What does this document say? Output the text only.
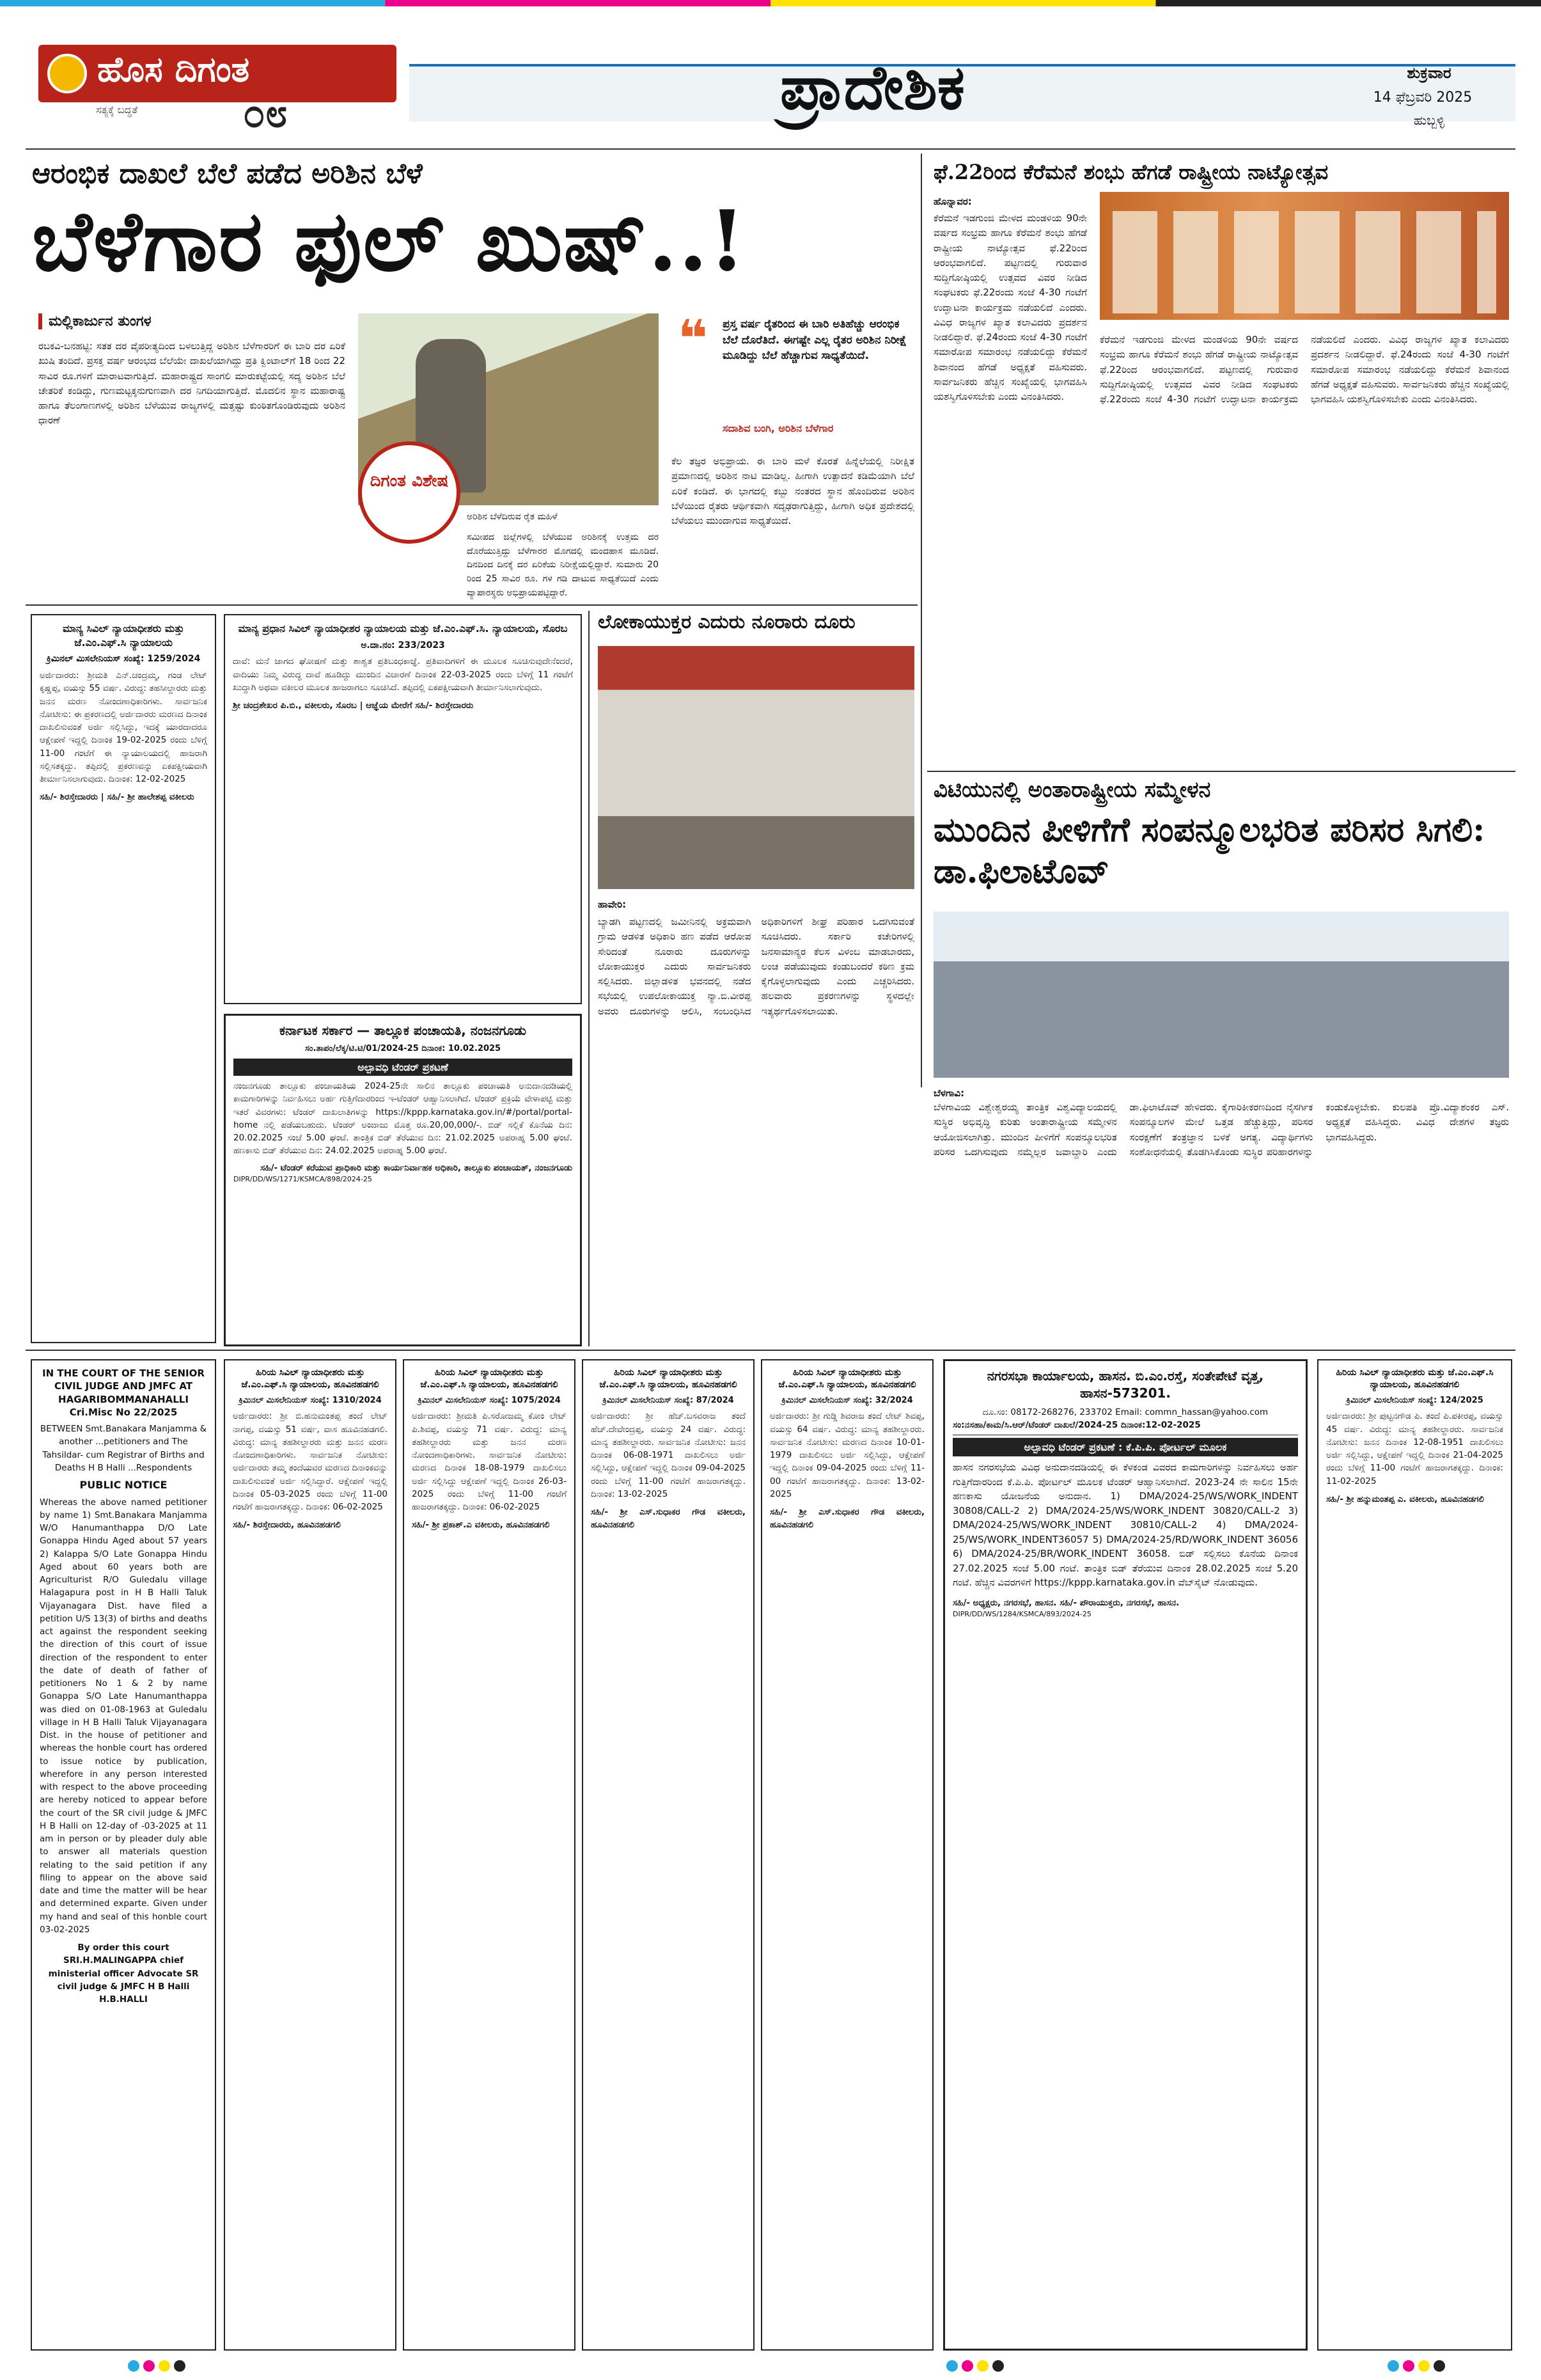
ಹೊಸ ದಿಗಂತ
ಸತ್ಯಕ್ಕೆ ಬದ್ಧತೆ	೦೮	ಪ್ರಾದೇಶಿಕ	ಶುಕ್ರವಾರ
14 ಫೆಬ್ರವರಿ 2025
ಹುಬ್ಬಳ್ಳಿ
ಆರಂಭಿಕ ದಾಖಲೆ ಬೆಲೆ ಪಡೆದ ಅರಿಶಿನ ಬೆಳೆ
ಬೆಳೆಗಾರ ಫುಲ್ ಖುಷ್..!
ಮಲ್ಲಿಕಾರ್ಜುನ ತುಂಗಳ
ರಬಕವಿ-ಬನಹಟ್ಟಿ: ಸತತ ದರ ವೈಪರೀತ್ಯದಿಂದ ಬಳಲುತ್ತಿದ್ದ ಅರಿಶಿನ ಬೆಳೆಗಾರರಿಗೆ ಈ ಬಾರಿ ದರ ಏರಿಕೆ ಖುಷಿ ತಂದಿದೆ. ಪ್ರಸಕ್ತ ವರ್ಷ ಆರಂಭದ ಬೆಲೆಯೇ ದಾಖಲೆಯಾಗಿದ್ದು ಪ್ರತಿ ಕ್ವಿಂಟಾಲ್‌ಗೆ 18 ರಿಂದ 22 ಸಾವಿರ ರೂ.ಗಳಿಗೆ ಮಾರಾಟವಾಗುತ್ತಿದೆ. ಮಹಾರಾಷ್ಟ್ರದ ಸಾಂಗಲಿ ಮಾರುಕಟ್ಟೆಯಲ್ಲಿ ಸದ್ಯ ಅರಿಶಿನ ಬೆಲೆ ಚೇತರಿಕೆ ಕಂಡಿದ್ದು, ಗುಣಮಟ್ಟಕ್ಕನುಗುಣವಾಗಿ ದರ ನಿಗದಿಯಾಗುತ್ತಿದೆ. ಮೊದಲಿನ ಸ್ಥಾನ ಮಹಾರಾಷ್ಟ್ರ ಹಾಗೂ ತೆಲಂಗಾಣಗಳಲ್ಲಿ ಅರಿಶಿನ ಬೆಳೆಯುವ ರಾಜ್ಯಗಳಲ್ಲಿ ಮತ್ತಷ್ಟು ಕುಂಠಿತಗೊಂಡಿರುವುದು ಅರಿಶಿನ ಧಾರಣೆ
ದಿಗಂತ ವಿಶೇಷ
ಅರಿಶಿನ ಬೆಳೆದಿರುವ ರೈತ ಮಹಿಳೆ
ಸಮೀಪದ ಜಿಲ್ಲೆಗಳಲ್ಲಿ ಬೆಳೆಯುವ ಅರಿಶಿನಕ್ಕೆ ಉತ್ತಮ ದರ ದೊರೆಯುತ್ತಿದ್ದು ಬೆಳೆಗಾರರ ಮೊಗದಲ್ಲಿ ಮಂದಹಾಸ ಮೂಡಿದೆ. ದಿನದಿಂದ ದಿನಕ್ಕೆ ದರ ಏರಿಕೆಯ ನಿರೀಕ್ಷೆಯಲ್ಲಿದ್ದಾರೆ. ಸುಮಾರು 20 ರಿಂದ 25 ಸಾವಿರ ರೂ. ಗಳ ಗಡಿ ದಾಟುವ ಸಾಧ್ಯತೆಯಿದೆ ಎಂದು ವ್ಯಾಪಾರಸ್ಥರು ಅಭಿಪ್ರಾಯಪಟ್ಟಿದ್ದಾರೆ.
❝ ಪ್ರಸ್ತ ವರ್ಷ ರೈತರಿಂದ ಈ ಬಾರಿ ಅತಿಹೆಚ್ಚು ಆರಂಭಿಕ ಬೆಲೆ ದೊರೆತಿದೆ. ಈಗಷ್ಟೇ ಎಲ್ಲ ರೈತರ ಅರಿಶಿನ ನಿರೀಕ್ಷೆ ಮೂಡಿದ್ದು ಬೆಲೆ ಹೆಚ್ಚಾಗುವ ಸಾಧ್ಯತೆಯಿದೆ.
ಸದಾಶಿವ ಬಂಗಿ, ಅರಿಶಿನ ಬೆಳೆಗಾರ
ಕೆಲ ತಜ್ಞರ ಅಭಿಪ್ರಾಯ. ಈ ಬಾರಿ ಮಳೆ ಕೊರತೆ ಹಿನ್ನೆಲೆಯಲ್ಲಿ ನಿರೀಕ್ಷಿತ ಪ್ರಮಾಣದಲ್ಲಿ ಅರಿಶಿನ ನಾಟಿ ಮಾಡಿಲ್ಲ. ಹೀಗಾಗಿ ಉತ್ಪಾದನೆ ಕಡಿಮೆಯಾಗಿ ಬೆಲೆ ಏರಿಕೆ ಕಂಡಿದೆ. ಈ ಭಾಗದಲ್ಲಿ ಕಬ್ಬು ನಂತರದ ಸ್ಥಾನ ಹೊಂದಿರುವ ಅರಿಶಿನ ಬೆಳೆಯಿಂದ ರೈತರು ಆರ್ಥಿಕವಾಗಿ ಸದೃಢರಾಗುತ್ತಿದ್ದು, ಹೀಗಾಗಿ ಅಧಿಕ ಪ್ರದೇಶದಲ್ಲಿ ಬೆಳೆಯಲು ಮುಂದಾಗುವ ಸಾಧ್ಯತೆಯಿದೆ.
ಫೆ.22ರಿಂದ ಕೆರೆಮನೆ ಶಂಭು ಹೆಗಡೆ ರಾಷ್ಟ್ರೀಯ ನಾಟ್ಯೋತ್ಸವ
ಹೊನ್ನಾವರ:
ಕೆರೆಮನೆ ಇಡಗುಂಜಿ ಮೇಳದ ಮಂಡಳಿಯ 90ನೇ ವರ್ಷದ ಸಂಭ್ರಮ ಹಾಗೂ ಕೆರೆಮನೆ ಶಂಭು ಹೆಗಡೆ ರಾಷ್ಟ್ರೀಯ ನಾಟ್ಯೋತ್ಸವ ಫೆ.22ರಿಂದ ಆರಂಭವಾಗಲಿದೆ. ಪಟ್ಟಣದಲ್ಲಿ ಗುರುವಾರ ಸುದ್ದಿಗೋಷ್ಠಿಯಲ್ಲಿ ಉತ್ಸವದ ವಿವರ ನೀಡಿದ ಸಂಘಟಕರು ಫೆ.22ರಂದು ಸಂಜೆ 4-30 ಗಂಟೆಗೆ ಉದ್ಘಾಟನಾ ಕಾರ್ಯಕ್ರಮ ನಡೆಯಲಿದೆ ಎಂದರು. ವಿವಿಧ ರಾಜ್ಯಗಳ ಖ್ಯಾತ ಕಲಾವಿದರು ಪ್ರದರ್ಶನ ನೀಡಲಿದ್ದಾರೆ. ಫೆ.24ರಂದು ಸಂಜೆ 4-30 ಗಂಟೆಗೆ ಸಮಾರೋಪ ಸಮಾರಂಭ ನಡೆಯಲಿದ್ದು ಕೆರೆಮನೆ ಶಿವಾನಂದ ಹೆಗಡೆ ಅಧ್ಯಕ್ಷತೆ ವಹಿಸುವರು. ಸಾರ್ವಜನಿಕರು ಹೆಚ್ಚಿನ ಸಂಖ್ಯೆಯಲ್ಲಿ ಭಾಗವಹಿಸಿ ಯಶಸ್ವಿಗೊಳಿಸಬೇಕು ಎಂದು ವಿನಂತಿಸಿದರು.
ಕೆರೆಮನೆ ಇಡಗುಂಜಿ ಮೇಳದ ಮಂಡಳಿಯ 90ನೇ ವರ್ಷದ ಸಂಭ್ರಮ ಹಾಗೂ ಕೆರೆಮನೆ ಶಂಭು ಹೆಗಡೆ ರಾಷ್ಟ್ರೀಯ ನಾಟ್ಯೋತ್ಸವ ಫೆ.22ರಿಂದ ಆರಂಭವಾಗಲಿದೆ. ಪಟ್ಟಣದಲ್ಲಿ ಗುರುವಾರ ಸುದ್ದಿಗೋಷ್ಠಿಯಲ್ಲಿ ಉತ್ಸವದ ವಿವರ ನೀಡಿದ ಸಂಘಟಕರು ಫೆ.22ರಂದು ಸಂಜೆ 4-30 ಗಂಟೆಗೆ ಉದ್ಘಾಟನಾ ಕಾರ್ಯಕ್ರಮ ನಡೆಯಲಿದೆ ಎಂದರು. ವಿವಿಧ ರಾಜ್ಯಗಳ ಖ್ಯಾತ ಕಲಾವಿದರು ಪ್ರದರ್ಶನ ನೀಡಲಿದ್ದಾರೆ. ಫೆ.24ರಂದು ಸಂಜೆ 4-30 ಗಂಟೆಗೆ ಸಮಾರೋಪ ಸಮಾರಂಭ ನಡೆಯಲಿದ್ದು ಕೆರೆಮನೆ ಶಿವಾನಂದ ಹೆಗಡೆ ಅಧ್ಯಕ್ಷತೆ ವಹಿಸುವರು. ಸಾರ್ವಜನಿಕರು ಹೆಚ್ಚಿನ ಸಂಖ್ಯೆಯಲ್ಲಿ ಭಾಗವಹಿಸಿ ಯಶಸ್ವಿಗೊಳಿಸಬೇಕು ಎಂದು ವಿನಂತಿಸಿದರು.
ವಿಟಿಯುನಲ್ಲಿ ಅಂತಾರಾಷ್ಟ್ರೀಯ ಸಮ್ಮೇಳನ
ಮುಂದಿನ ಪೀಳಿಗೆಗೆ ಸಂಪನ್ಮೂಲಭರಿತ ಪರಿಸರ ಸಿಗಲಿ: ಡಾ.ಫಿಲಾಟೊವ್
ಬೆಳಗಾವಿ:
ಬೆಳಗಾವಿಯ ವಿಶ್ವೇಶ್ವರಯ್ಯ ತಾಂತ್ರಿಕ ವಿಶ್ವವಿದ್ಯಾಲಯದಲ್ಲಿ ಸುಸ್ಥಿರ ಅಭಿವೃದ್ಧಿ ಕುರಿತು ಅಂತಾರಾಷ್ಟ್ರೀಯ ಸಮ್ಮೇಳನ ಆಯೋಜಿಸಲಾಗಿತ್ತು. ಮುಂದಿನ ಪೀಳಿಗೆಗೆ ಸಂಪನ್ಮೂಲಭರಿತ ಪರಿಸರ ಒದಗಿಸುವುದು ನಮ್ಮೆಲ್ಲರ ಜವಾಬ್ದಾರಿ ಎಂದು ಡಾ.ಫಿಲಾಟೊವ್ ಹೇಳಿದರು. ಕೈಗಾರಿಕೀಕರಣದಿಂದ ನೈಸರ್ಗಿಕ ಸಂಪನ್ಮೂಲಗಳ ಮೇಲೆ ಒತ್ತಡ ಹೆಚ್ಚುತ್ತಿದ್ದು, ಪರಿಸರ ಸಂರಕ್ಷಣೆಗೆ ತಂತ್ರಜ್ಞಾನ ಬಳಕೆ ಅಗತ್ಯ. ವಿದ್ಯಾರ್ಥಿಗಳು ಸಂಶೋಧನೆಯಲ್ಲಿ ತೊಡಗಿಸಿಕೊಂಡು ಸುಸ್ಥಿರ ಪರಿಹಾರಗಳನ್ನು ಕಂಡುಕೊಳ್ಳಬೇಕು. ಕುಲಪತಿ ಪ್ರೊ.ವಿದ್ಯಾಶಂಕರ ಎಸ್. ಅಧ್ಯಕ್ಷತೆ ವಹಿಸಿದ್ದರು. ವಿವಿಧ ದೇಶಗಳ ತಜ್ಞರು ಭಾಗವಹಿಸಿದ್ದರು.
ಮಾನ್ಯ ಸಿವಿಲ್ ನ್ಯಾಯಾಧೀಶರು ಮತ್ತು ಜೆ.ಎಂ.ಎಫ್.ಸಿ ನ್ಯಾಯಾಲಯ
ಕ್ರಿಮಿನಲ್ ಮಿಸಲೇನಿಯಸ್ ಸಂಖ್ಯೆ: 1259/2024
ಅರ್ಜಿದಾರರು: ಶ್ರೀಮತಿ ಎನ್.ಚಂದ್ರಮ್ಮ, ಗಂಡ ಲೇಟ್ ಕೃಷ್ಣಪ್ಪ, ವಯಸ್ಸು 55 ವರ್ಷ. ವಿರುದ್ಧ: ತಹಸೀಲ್ದಾರರು ಮತ್ತು ಜನನ ಮರಣ ನೋಂದಣಾಧಿಕಾರಿಗಳು. ಸಾರ್ವಜನಿಕ ನೋಟೀಸು: ಈ ಪ್ರಕರಣದಲ್ಲಿ ಅರ್ಜಿದಾರರು ಮರಣದ ದಿನಾಂಕ ದಾಖಲಿಸುವಂತೆ ಅರ್ಜಿ ಸಲ್ಲಿಸಿದ್ದು, ಇದಕ್ಕೆ ಯಾರದಾದರೂ ಆಕ್ಷೇಪಣೆ ಇದ್ದಲ್ಲಿ ದಿನಾಂಕ 19-02-2025 ರಂದು ಬೆಳಿಗ್ಗೆ 11-00 ಗಂಟೆಗೆ ಈ ನ್ಯಾಯಾಲಯದಲ್ಲಿ ಹಾಜರಾಗಿ ಸಲ್ಲಿಸತಕ್ಕದ್ದು. ತಪ್ಪಿದಲ್ಲಿ ಪ್ರಕರಣವನ್ನು ಏಕಪಕ್ಷೀಯವಾಗಿ ತೀರ್ಮಾನಿಸಲಾಗುವುದು. ದಿನಾಂಕ: 12-02-2025
ಸಹಿ/- ಶಿರಸ್ತೇದಾರರು | ಸಹಿ/- ಶ್ರೀ ಹಾಲೇಶಪ್ಪ ವಕೀಲರು
ಮಾನ್ಯ ಪ್ರಧಾನ ಸಿವಿಲ್ ನ್ಯಾಯಾಧೀಶರ ನ್ಯಾಯಾಲಯ ಮತ್ತು ಜೆ.ಎಂ.ಎಫ್.ಸಿ. ನ್ಯಾಯಾಲಯ, ಸೊರಬ
ಅ.ದಾ.ನಂ: 233/2023
ದಾವೆ: ಮನೆ ಜಾಗದ ಘೋಷಣೆ ಮತ್ತು ಶಾಶ್ವತ ಪ್ರತಿಬಂಧಕಾಜ್ಞೆ. ಪ್ರತಿವಾದಿಗಳಿಗೆ ಈ ಮೂಲಕ ಸೂಚಿಸುವುದೇನೆಂದರೆ, ವಾದಿಯು ನಿಮ್ಮ ವಿರುದ್ಧ ದಾವೆ ಹೂಡಿದ್ದು ಮುಂದಿನ ವಿಚಾರಣೆ ದಿನಾಂಕ 22-03-2025 ರಂದು ಬೆಳಿಗ್ಗೆ 11 ಗಂಟೆಗೆ ಖುದ್ದಾಗಿ ಅಥವಾ ವಕೀಲರ ಮೂಲಕ ಹಾಜರಾಗಲು ಸೂಚಿಸಿದೆ. ತಪ್ಪಿದಲ್ಲಿ ಏಕಪಕ್ಷೀಯವಾಗಿ ತೀರ್ಮಾನಿಸಲಾಗುವುದು.
ಶ್ರೀ ಚಂದ್ರಶೇಖರ ಪಿ.ಬಿ., ವಕೀಲರು, ಸೊರಬ | ಆಜ್ಞೆಯ ಮೇರೆಗೆ ಸಹಿ/- ಶಿರಸ್ತೇದಾರರು
ಕರ್ನಾಟಕ ಸರ್ಕಾರ — ತಾಲ್ಲೂಕ ಪಂಚಾಯತಿ, ನಂಜನಗೂಡು
ಸಂ.ತಾಪಂ/ಲೆಕ್ಕ/ಟಿ.ಟಿ/01/2024-25 ದಿನಾಂಕ: 10.02.2025
ಅಲ್ಪಾವಧಿ ಟೆಂಡರ್ ಪ್ರಕಟಣೆ
ನಂಜನಗೂಡು ತಾಲ್ಲೂಕು ಪಂಚಾಯತಿಯ 2024-25ನೇ ಸಾಲಿನ ತಾಲ್ಲೂಕು ಪಂಚಾಯತಿ ಅನುದಾನದಡಿಯಲ್ಲಿ ಕಾಮಗಾರಿಗಳನ್ನು ನಿರ್ವಹಿಸಲು ಅರ್ಹ ಗುತ್ತಿಗೆದಾರರಿಂದ ಇ-ಟೆಂಡರ್ ಆಹ್ವಾನಿಸಲಾಗಿದೆ. ಟೆಂಡರ್ ಪ್ರಕ್ರಿಯೆ ವೇಳಾಪಟ್ಟಿ ಮತ್ತು ಇತರೆ ವಿವರಗಳು: ಟೆಂಡರ್ ದಾಖಲಾತಿಗಳನ್ನು https://kppp.karnataka.gov.in/#/portal/portal-home ನಲ್ಲಿ ಪಡೆಯಬಹುದು. ಟೆಂಡರ್ ಅಂದಾಜು ಮೊತ್ತ ರೂ.20,00,000/-. ಬಿಡ್ ಸಲ್ಲಿಕೆ ಕೊನೆಯ ದಿನ: 20.02.2025 ಸಂಜೆ 5.00 ಘಂಟೆ. ತಾಂತ್ರಿಕ ಬಿಡ್ ತೆರೆಯುವ ದಿನ: 21.02.2025 ಅಪರಾಹ್ನ 5.00 ಘಂಟೆ. ಹಣಕಾಸು ಬಿಡ್ ತೆರೆಯುವ ದಿನ: 24.02.2025 ಅಪರಾಹ್ನ 5.00 ಘಂಟೆ.
ಸಹಿ/- ಟೆಂಡರ್ ಕರೆಯುವ ಪ್ರಾಧಿಕಾರಿ ಮತ್ತು ಕಾರ್ಯನಿರ್ವಾಹಕ ಅಧಿಕಾರಿ, ತಾಲ್ಲೂಕು ಪಂಚಾಯತ್, ನಂಜನಗೂಡು
DIPR/DD/WS/1271/KSMCA/898/2024-25
ಲೋಕಾಯುಕ್ತರ ಎದುರು ನೂರಾರು ದೂರು
ಹಾವೇರಿ:
ಬ್ಯಾಡಗಿ ಪಟ್ಟಣದಲ್ಲಿ ಜಮೀನಿನಲ್ಲಿ ಅಕ್ರಮವಾಗಿ ಗ್ರಾಮ ಆಡಳಿತ ಅಧಿಕಾರಿ ಹಣ ಪಡೆದ ಆರೋಪ ಸೇರಿದಂತೆ ನೂರಾರು ದೂರುಗಳನ್ನು ಲೋಕಾಯುಕ್ತರ ಎದುರು ಸಾರ್ವಜನಿಕರು ಸಲ್ಲಿಸಿದರು. ಜಿಲ್ಲಾಡಳಿತ ಭವನದಲ್ಲಿ ನಡೆದ ಸಭೆಯಲ್ಲಿ ಉಪಲೋಕಾಯುಕ್ತ ನ್ಯಾ.ಬಿ.ವೀರಪ್ಪ ಅವರು ದೂರುಗಳನ್ನು ಆಲಿಸಿ, ಸಂಬಂಧಿಸಿದ ಅಧಿಕಾರಿಗಳಿಗೆ ಶೀಘ್ರ ಪರಿಹಾರ ಒದಗಿಸುವಂತೆ ಸೂಚಿಸಿದರು. ಸರ್ಕಾರಿ ಕಚೇರಿಗಳಲ್ಲಿ ಜನಸಾಮಾನ್ಯರ ಕೆಲಸ ವಿಳಂಬ ಮಾಡಬಾರದು, ಲಂಚ ಪಡೆಯುವುದು ಕಂಡುಬಂದರೆ ಕಠಿಣ ಕ್ರಮ ಕೈಗೊಳ್ಳಲಾಗುವುದು ಎಂದು ಎಚ್ಚರಿಸಿದರು. ಹಲವಾರು ಪ್ರಕರಣಗಳನ್ನು ಸ್ಥಳದಲ್ಲೇ ಇತ್ಯರ್ಥಗೊಳಿಸಲಾಯಿತು.
IN THE COURT OF THE SENIOR CIVIL JUDGE AND JMFC AT HAGARIBOMMANAHALLI Cri.Misc No 22/2025
BETWEEN Smt.Banakara Manjamma & another ...petitioners and The Tahsildar- cum Registrar of Births and Deaths H B Halli ...Respondents
PUBLIC NOTICE
Whereas the above named petitioner by name 1) Smt.Banakara Manjamma W/O Hanumanthappa D/O Late Gonappa Hindu Aged about 57 years 2) Kalappa S/O Late Gonappa Hindu Aged about 60 years both are Agriculturist R/O Guledalu village Halagapura post in H B Halli Taluk Vijayanagara Dist. have filed a petition U/S 13(3) of births and deaths act against the respondent seeking the direction of this court of issue direction of the respondent to enter the date of death of father of petitioners No 1 & 2 by name Gonappa S/O Late Hanumanthappa was died on 01-08-1963 at Guledalu village in H B Halli Taluk Vijayanagara Dist. in the house of petitioner and whereas the honble court has ordered to issue notice by publication, wherefore in any person interested with respect to the above proceeding are hereby noticed to appear before the court of the SR civil judge & JMFC H B Halli on 12-day of -03-2025 at 11 am in person or by pleader duly able to answer all materials question relating to the said petition if any filing to appear on the above said date and time the matter will be hear and determined exparte. Given under my hand and seal of this honble court 03-02-2025
By order this court SRI.H.MALINGAPPA chief ministerial officer Advocate SR civil judge & JMFC H B Halli H.B.HALLI
ಹಿರಿಯ ಸಿವಿಲ್ ನ್ಯಾಯಾಧೀಶರು ಮತ್ತು ಜೆ.ಎಂ.ಎಫ್.ಸಿ ನ್ಯಾಯಾಲಯ, ಹೂವಿನಹಡಗಲಿ
ಕ್ರಿಮಿನಲ್ ಮಿಸಲೇನಿಯಸ್ ಸಂಖ್ಯೆ: 1310/2024
ಅರ್ಜಿದಾರರು: ಶ್ರೀ ಬಿ.ಹನುಮಂತಪ್ಪ ತಂದೆ ಲೇಟ್ ನಾಗಪ್ಪ, ವಯಸ್ಸು 51 ವರ್ಷ, ವಾಸ ಹೂವಿನಹಡಗಲಿ. ವಿರುದ್ಧ: ಮಾನ್ಯ ತಹಶೀಲ್ದಾರರು ಮತ್ತು ಜನನ ಮರಣ ನೋಂದಣಾಧಿಕಾರಿಗಳು. ಸಾರ್ವಜನಿಕ ನೋಟೀಸು: ಅರ್ಜಿದಾರರು ತಮ್ಮ ತಂದೆಯವರ ಮರಣದ ದಿನಾಂಕವನ್ನು ದಾಖಲಿಸುವಂತೆ ಅರ್ಜಿ ಸಲ್ಲಿಸಿದ್ದಾರೆ. ಆಕ್ಷೇಪಣೆ ಇದ್ದಲ್ಲಿ ದಿನಾಂಕ 05-03-2025 ರಂದು ಬೆಳಿಗ್ಗೆ 11-00 ಗಂಟೆಗೆ ಹಾಜರಾಗತಕ್ಕದ್ದು. ದಿನಾಂಕ: 06-02-2025
ಸಹಿ/- ಶಿರಸ್ತೇದಾರರು, ಹೂವಿನಹಡಗಲಿ
ಹಿರಿಯ ಸಿವಿಲ್ ನ್ಯಾಯಾಧೀಶರು ಮತ್ತು ಜೆ.ಎಂ.ಎಫ್.ಸಿ ನ್ಯಾಯಾಲಯ, ಹೂವಿನಹಡಗಲಿ
ಕ್ರಿಮಿನಲ್ ಮಿಸಲೇನಿಯಸ್ ಸಂಖ್ಯೆ: 1075/2024
ಅರ್ಜಿದಾರರು: ಶ್ರೀಮತಿ ಪಿ.ಸರೋಜಮ್ಮ ಕೋಂ ಲೇಟ್ ಪಿ.ಶಿವಪ್ಪ, ವಯಸ್ಸು 71 ವರ್ಷ. ವಿರುದ್ಧ: ಮಾನ್ಯ ತಹಶೀಲ್ದಾರರು ಮತ್ತು ಜನನ ಮರಣ ನೋಂದಣಾಧಿಕಾರಿಗಳು. ಸಾರ್ವಜನಿಕ ನೋಟೀಸು: ಮರಣದ ದಿನಾಂಕ 18-08-1979 ದಾಖಲಿಸಲು ಅರ್ಜಿ ಸಲ್ಲಿಸಿದ್ದು ಆಕ್ಷೇಪಣೆ ಇದ್ದಲ್ಲಿ ದಿನಾಂಕ 26-03-2025 ರಂದು ಬೆಳಿಗ್ಗೆ 11-00 ಗಂಟೆಗೆ ಹಾಜರಾಗತಕ್ಕದ್ದು. ದಿನಾಂಕ: 06-02-2025
ಸಹಿ/- ಶ್ರೀ ಪ್ರಕಾಶ್.ಎ ವಕೀಲರು, ಹೂವಿನಹಡಗಲಿ
ಹಿರಿಯ ಸಿವಿಲ್ ನ್ಯಾಯಾಧೀಶರು ಮತ್ತು ಜೆ.ಎಂ.ಎಫ್.ಸಿ ನ್ಯಾಯಾಲಯ, ಹೂವಿನಹಡಗಲಿ
ಕ್ರಿಮಿನಲ್ ಮಿಸಲೇನಿಯಸ್ ಸಂಖ್ಯೆ: 87/2024
ಅರ್ಜಿದಾರರು: ಶ್ರೀ ಹೆಚ್.ಬಸವರಾಜ ತಂದೆ ಹೆಚ್.ದೇವೇಂದ್ರಪ್ಪ, ವಯಸ್ಸು 24 ವರ್ಷ. ವಿರುದ್ಧ: ಮಾನ್ಯ ತಹಶೀಲ್ದಾರರು. ಸಾರ್ವಜನಿಕ ನೋಟೀಸು: ಜನನ ದಿನಾಂಕ 06-08-1971 ದಾಖಲಿಸಲು ಅರ್ಜಿ ಸಲ್ಲಿಸಿದ್ದು, ಆಕ್ಷೇಪಣೆ ಇದ್ದಲ್ಲಿ ದಿನಾಂಕ 09-04-2025 ರಂದು ಬೆಳಿಗ್ಗೆ 11-00 ಗಂಟೆಗೆ ಹಾಜರಾಗತಕ್ಕದ್ದು. ದಿನಾಂಕ: 13-02-2025
ಸಹಿ/- ಶ್ರೀ ಎಸ್.ಸುಧಾಕರ ಗೌಡ ವಕೀಲರು, ಹೂವಿನಹಡಗಲಿ
ಹಿರಿಯ ಸಿವಿಲ್ ನ್ಯಾಯಾಧೀಶರು ಮತ್ತು ಜೆ.ಎಂ.ಎಫ್.ಸಿ ನ್ಯಾಯಾಲಯ, ಹೂವಿನಹಡಗಲಿ
ಕ್ರಿಮಿನಲ್ ಮಿಸಲೇನಿಯಸ್ ಸಂಖ್ಯೆ: 32/2024
ಅರ್ಜಿದಾರರು: ಶ್ರೀ ಗುಡ್ಡಿ ಶಿವರಾಜ ತಂದೆ ಲೇಟ್ ಶಿವಪ್ಪ, ವಯಸ್ಸು 64 ವರ್ಷ. ವಿರುದ್ಧ: ಮಾನ್ಯ ತಹಶೀಲ್ದಾರರು. ಸಾರ್ವಜನಿಕ ನೋಟೀಸು: ಮರಣದ ದಿನಾಂಕ 10-01-1979 ದಾಖಲಿಸಲು ಅರ್ಜಿ ಸಲ್ಲಿಸಿದ್ದು, ಆಕ್ಷೇಪಣೆ ಇದ್ದಲ್ಲಿ ದಿನಾಂಕ 09-04-2025 ರಂದು ಬೆಳಿಗ್ಗೆ 11-00 ಗಂಟೆಗೆ ಹಾಜರಾಗತಕ್ಕದ್ದು. ದಿನಾಂಕ: 13-02-2025
ಸಹಿ/- ಶ್ರೀ ಎಸ್.ಸುಧಾಕರ ಗೌಡ ವಕೀಲರು, ಹೂವಿನಹಡಗಲಿ
ನಗರಸಭಾ ಕಾರ್ಯಾಲಯ, ಹಾಸನ. ಬಿ.ಎಂ.ರಸ್ತೆ, ಸಂತೇಪೇಟೆ ವೃತ್ತ, ಹಾಸನ-573201.
ದೂ.ಸಂ: 08172-268276, 233702 Email: commn_hassan@yahoo.com
ಸಂ:ನಸಹಾ/ಕಾಮ/ಸಿ.ಆರ್/ಟೆಂಡರ್ ದಾಖಲೆ/2024-25 ದಿನಾಂಕ:12-02-2025
ಅಲ್ಪಾವಧಿ ಟೆಂಡರ್ ಪ್ರಕಟಣೆ : ಕೆ.ಪಿ.ಪಿ. ಪೋರ್ಟಲ್ ಮೂಲಕ
ಹಾಸನ ನಗರಸಭೆಯ ವಿವಿಧ ಅನುದಾನದಡಿಯಲ್ಲಿ ಈ ಕೆಳಕಂಡ ವಿವರದ ಕಾಮಗಾರಿಗಳನ್ನು ನಿರ್ವಹಿಸಲು ಅರ್ಹ ಗುತ್ತಿಗೆದಾರರಿಂದ ಕೆ.ಪಿ.ಪಿ. ಪೋರ್ಟಲ್ ಮೂಲಕ ಟೆಂಡರ್ ಆಹ್ವಾನಿಸಲಾಗಿದೆ. 2023-24 ನೇ ಸಾಲಿನ 15ನೇ ಹಣಕಾಸು ಯೋಜನೆಯ ಅನುದಾನ. 1) DMA/2024-25/WS/WORK_INDENT 30808/CALL-2 2) DMA/2024-25/WS/WORK_INDENT 30820/CALL-2 3) DMA/2024-25/WS/WORK_INDENT 30810/CALL-2 4) DMA/2024-25/WS/WORK_INDENT36057 5) DMA/2024-25/RD/WORK_INDENT 36056 6) DMA/2024-25/BR/WORK_INDENT 36058. ಬಿಡ್ ಸಲ್ಲಿಸಲು ಕೊನೆಯ ದಿನಾಂಕ 27.02.2025 ಸಂಜೆ 5.00 ಗಂಟೆ. ತಾಂತ್ರಿಕ ಬಿಡ್ ತೆರೆಯುವ ದಿನಾಂಕ 28.02.2025 ಸಂಜೆ 5.20 ಗಂಟೆ. ಹೆಚ್ಚಿನ ವಿವರಗಳಿಗೆ https://kppp.karnataka.gov.in ವೆಬ್‌ಸೈಟ್ ನೋಡುವುದು.
ಸಹಿ/- ಅಧ್ಯಕ್ಷರು, ನಗರಸಭೆ, ಹಾಸನ. ಸಹಿ/- ಪೌರಾಯುಕ್ತರು, ನಗರಸಭೆ, ಹಾಸನ.
DIPR/DD/WS/1284/KSMCA/893/2024-25
ಹಿರಿಯ ಸಿವಿಲ್ ನ್ಯಾಯಾಧೀಶರು ಮತ್ತು ಜೆ.ಎಂ.ಎಫ್.ಸಿ ನ್ಯಾಯಾಲಯ, ಹೂವಿನಹಡಗಲಿ
ಕ್ರಿಮಿನಲ್ ಮಿಸಲೇನಿಯಸ್ ಸಂಖ್ಯೆ: 124/2025
ಅರ್ಜಿದಾರರು: ಶ್ರೀ ಪುಟ್ಟನಗೌಡ ಪಿ. ತಂದೆ ಪಿ.ಪಕೀರಪ್ಪ, ವಯಸ್ಸು 45 ವರ್ಷ. ವಿರುದ್ಧ: ಮಾನ್ಯ ತಹಶೀಲ್ದಾರರು. ಸಾರ್ವಜನಿಕ ನೋಟೀಸು: ಜನನ ದಿನಾಂಕ 12-08-1951 ದಾಖಲಿಸಲು ಅರ್ಜಿ ಸಲ್ಲಿಸಿದ್ದು, ಆಕ್ಷೇಪಣೆ ಇದ್ದಲ್ಲಿ ದಿನಾಂಕ 21-04-2025 ರಂದು ಬೆಳಿಗ್ಗೆ 11-00 ಗಂಟೆಗೆ ಹಾಜರಾಗತಕ್ಕದ್ದು. ದಿನಾಂಕ: 11-02-2025
ಸಹಿ/- ಶ್ರೀ ಹನ್ನುಮಂತಪ್ಪ ಎ. ವಕೀಲರು, ಹೂವಿನಹಡಗಲಿ
